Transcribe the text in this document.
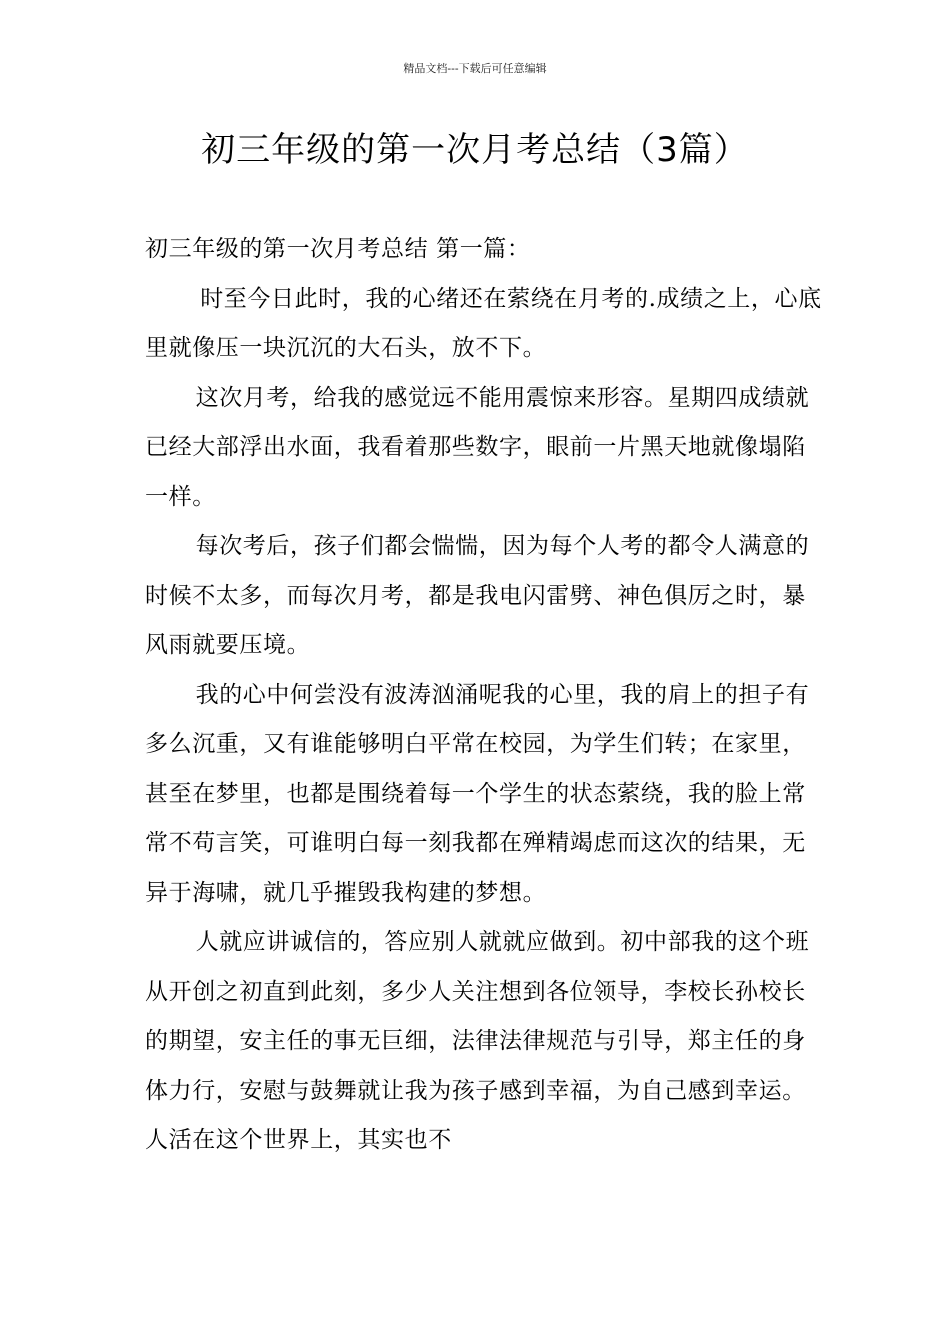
精品文档---下载后可任意编辑
初三年级的第一次月考总结（3篇）

初三年级的第一次月考总结 第一篇：

时至今日此时，我的心绪还在萦绕在月考的.成绩之上，心底里就像压一块沉沉的大石头，放不下。

这次月考，给我的感觉远不能用震惊来形容。星期四成绩就已经大部浮出水面，我看着那些数字，眼前一片黑天地就像塌陷一样。

每次考后，孩子们都会惴惴，因为每个人考的都令人满意的时候不太多，而每次月考，都是我电闪雷劈、神色俱厉之时，暴风雨就要压境。

我的心中何尝没有波涛汹涌呢我的心里，我的肩上的担子有多么沉重，又有谁能够明白平常在校园，为学生们转；在家里，甚至在梦里，也都是围绕着每一个学生的状态萦绕，我的脸上常常不苟言笑，可谁明白每一刻我都在殚精竭虑而这次的结果，无异于海啸，就几乎摧毁我构建的梦想。

人就应讲诚信的，答应别人就就应做到。初中部我的这个班从开创之初直到此刻，多少人关注想到各位领导，李校长孙校长的期望，安主任的事无巨细，法律法律规范与引导，郑主任的身体力行，安慰与鼓舞就让我为孩子感到幸福，为自己感到幸运。人活在这个世界上，其实也不
